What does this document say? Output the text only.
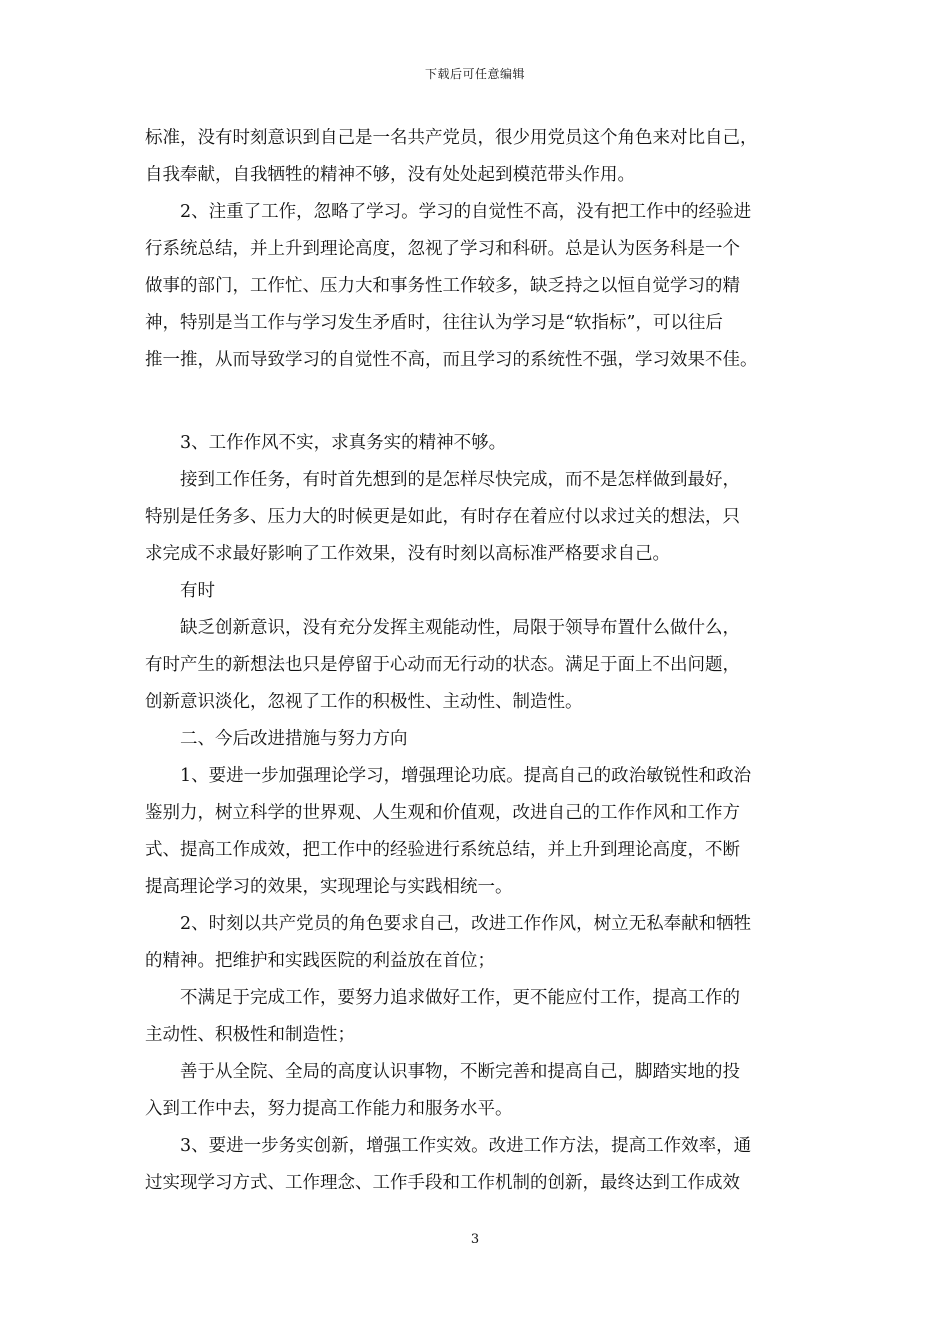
下载后可任意编辑
标准，没有时刻意识到自己是一名共产党员，很少用党员这个角色来对比自己，
自我奉献，自我牺牲的精神不够，没有处处起到模范带头作用。
2、注重了工作，忽略了学习。学习的自觉性不高，没有把工作中的经验进
行系统总结，并上升到理论高度，忽视了学习和科研。总是认为医务科是一个
做事的部门，工作忙、压力大和事务性工作较多，缺乏持之以恒自觉学习的精
神，特别是当工作与学习发生矛盾时，往往认为学习是“软指标”，可以往后
推一推，从而导致学习的自觉性不高，而且学习的系统性不强，学习效果不佳。
3、工作作风不实，求真务实的精神不够。
接到工作任务，有时首先想到的是怎样尽快完成，而不是怎样做到最好，
特别是任务多、压力大的时候更是如此，有时存在着应付以求过关的想法，只
求完成不求最好影响了工作效果，没有时刻以高标准严格要求自己。
有时
缺乏创新意识，没有充分发挥主观能动性，局限于领导布置什么做什么，
有时产生的新想法也只是停留于心动而无行动的状态。满足于面上不出问题，
创新意识淡化，忽视了工作的积极性、主动性、制造性。
二、今后改进措施与努力方向
1、要进一步加强理论学习，增强理论功底。提高自己的政治敏锐性和政治
鉴别力，树立科学的世界观、人生观和价值观，改进自己的工作作风和工作方
式、提高工作成效，把工作中的经验进行系统总结，并上升到理论高度，不断
提高理论学习的效果，实现理论与实践相统一。
2、时刻以共产党员的角色要求自己，改进工作作风，树立无私奉献和牺牲
的精神。把维护和实践医院的利益放在首位；
不满足于完成工作，要努力追求做好工作，更不能应付工作，提高工作的
主动性、积极性和制造性；
善于从全院、全局的高度认识事物，不断完善和提高自己，脚踏实地的投
入到工作中去，努力提高工作能力和服务水平。
3、要进一步务实创新，增强工作实效。改进工作方法，提高工作效率，通
过实现学习方式、工作理念、工作手段和工作机制的创新，最终达到工作成效
3
